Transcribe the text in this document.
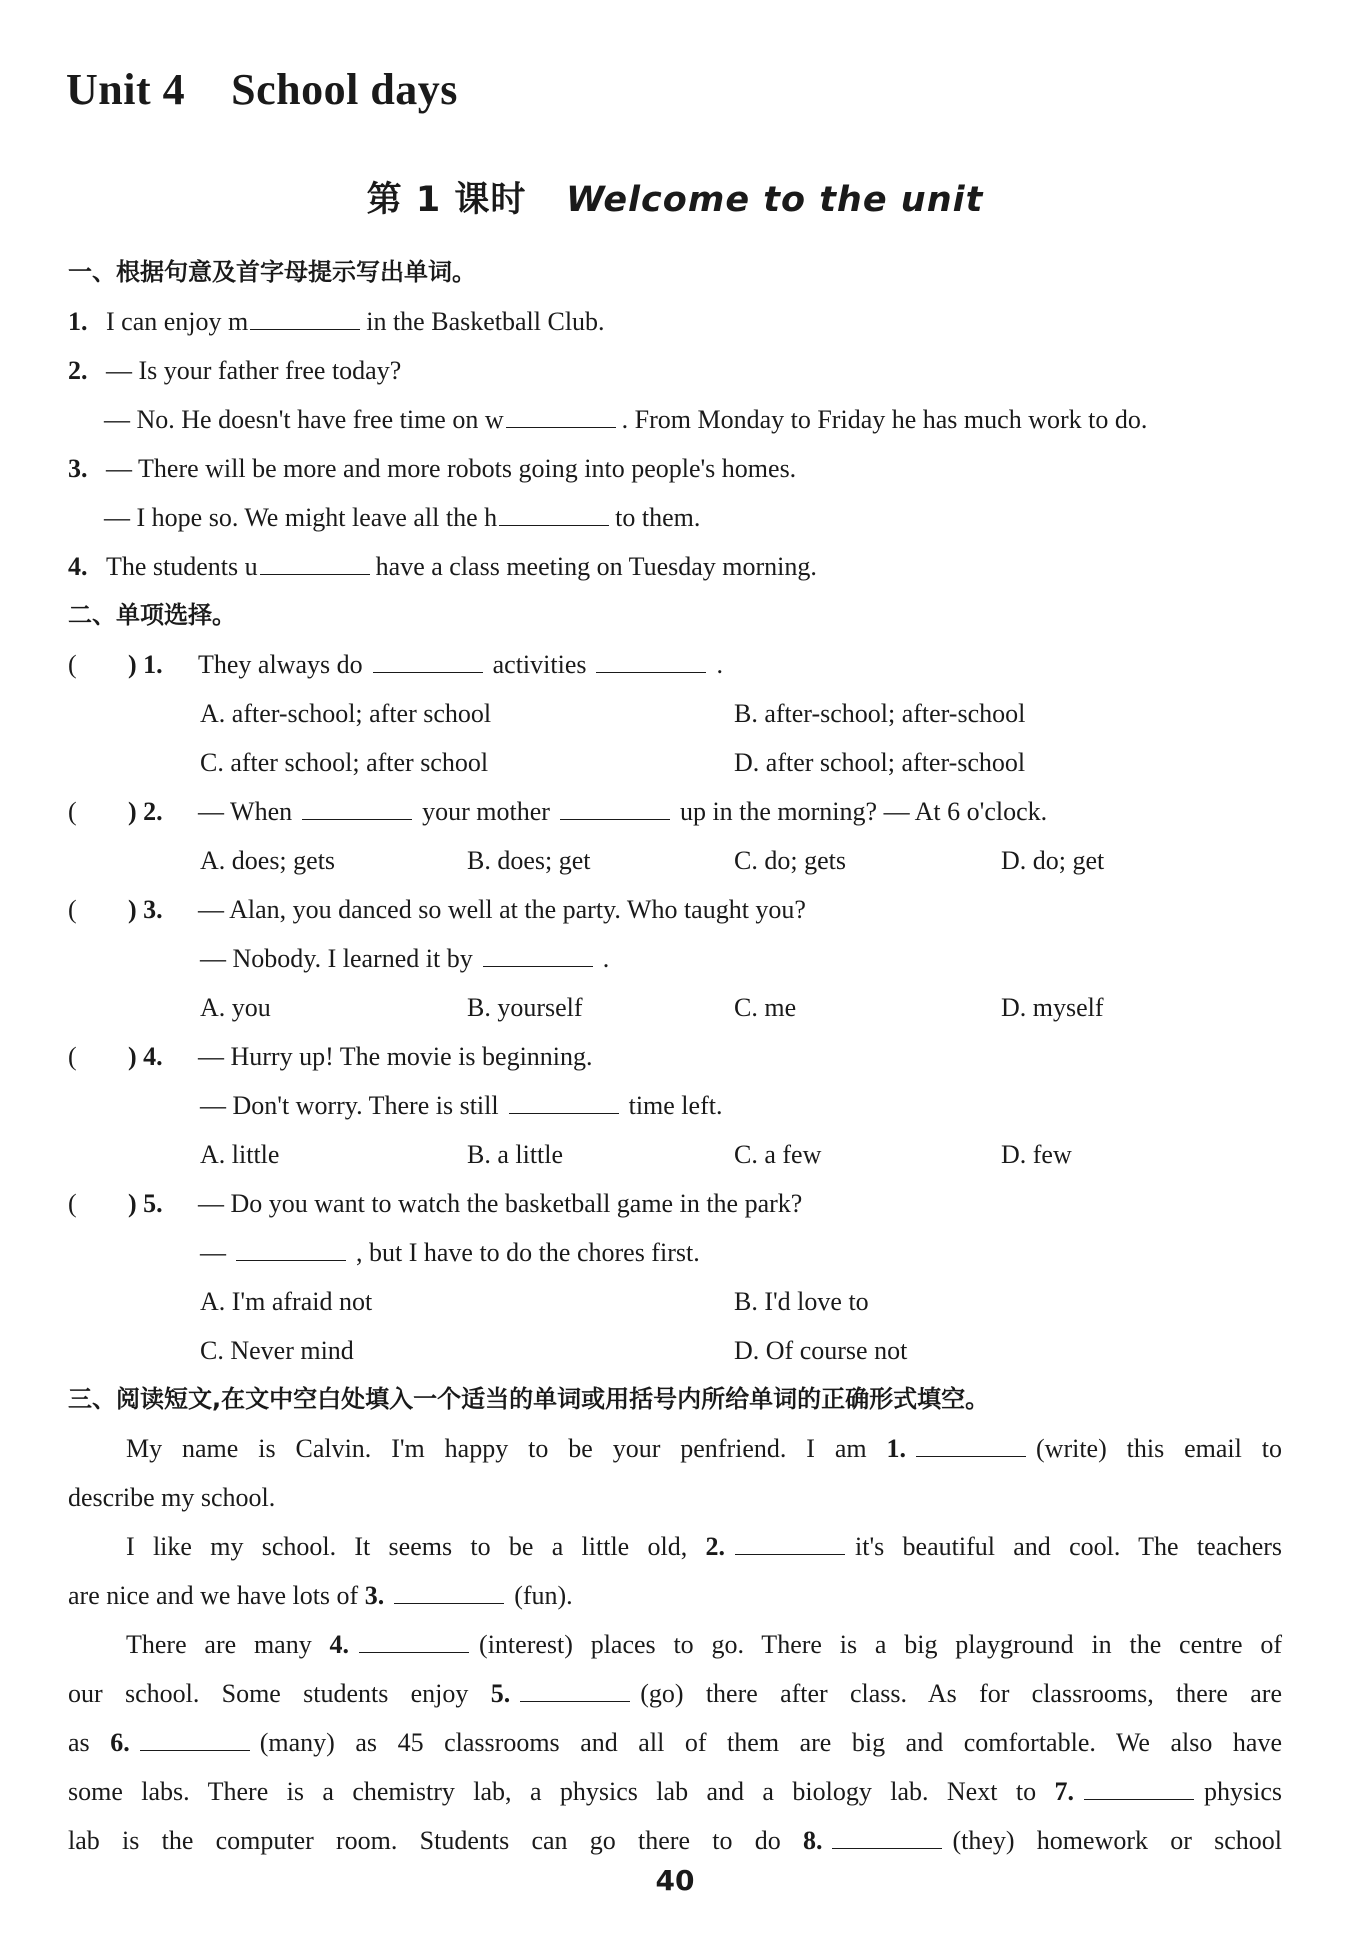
Unit 4    School days
第 1 课时 Welcome to the unit
一、根据句意及首字母提示写出单词。
1. I can enjoy m	in the Basketball Club.
2. — Is your father free today?
— No. He doesn't have free time on w	. From Monday to Friday he has much work to do.
3. — There will be more and more robots going into people's homes.
— I hope so. We might leave all the h	to them.
4. The students u	have a class meeting on Tuesday morning.
二、单项选择。
( ) 1. They always do	activities	.
A. after-school; after school	B. after-school; after-school
C. after school; after school	D. after school; after-school
( ) 2. — When	your mother	up in the morning? — At 6 o'clock.
A. does; gets	B. does; get	C. do; gets	D. do; get
( ) 3. — Alan, you danced so well at the party. Who taught you?
— Nobody. I learned it by	.
A. you	B. yourself	C. me	D. myself
( ) 4. — Hurry up! The movie is beginning.
— Don't worry. There is still	time left.
A. little	B. a little	C. a few	D. few
( ) 5. — Do you want to watch the basketball game in the park?
—	, but I have to do the chores first.
A. I'm afraid not	B. I'd love to
C. Never mind	D. Of course not
三、阅读短文,在文中空白处填入一个适当的单词或用括号内所给单词的正确形式填空。
My name is Calvin. I'm happy to be your penfriend. I am 1.	(write) this email to
describe my school.
I like my school. It seems to be a little old, 2.	it's beautiful and cool. The teachers
are nice and we have lots of 3.	(fun).
There are many 4.	(interest) places to go. There is a big playground in the centre of
our school. Some students enjoy 5.	(go) there after class. As for classrooms, there are
as 6.	(many) as 45 classrooms and all of them are big and comfortable. We also have
some labs. There is a chemistry lab, a physics lab and a biology lab. Next to 7.	physics
lab is the computer room. Students can go there to do 8.	(they) homework or school
40
